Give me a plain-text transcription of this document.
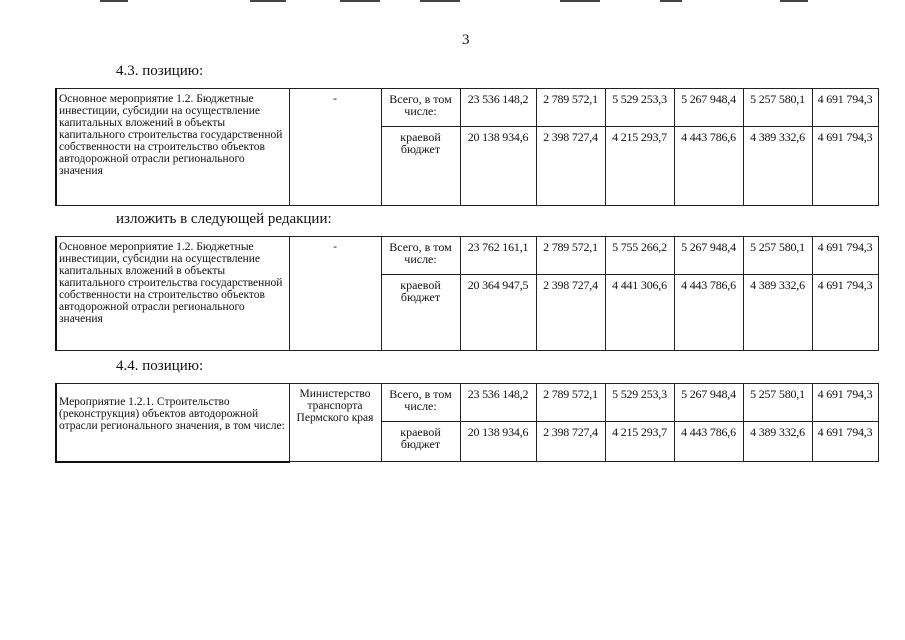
3
4.3. позицию:
Основное мероприятие 1.2. Бюджетные инвестиции, субсидии на осуществление капитальных вложений в объекты капитального строительства государственной собственности на строительство объектов автодорожной отрасли регионального значения	-	Всего, в том числе:	23 536 148,2	2 789 572,1	5 529 253,3	5 267 948,4	5 257 580,1	4 691 794,3
		краевой бюджет	20 138 934,6	2 398 727,4	4 215 293,7	4 443 786,6	4 389 332,6	4 691 794,3
изложить в следующей редакции:
Основное мероприятие 1.2. Бюджетные инвестиции, субсидии на осуществление капитальных вложений в объекты капитального строительства государственной собственности на строительство объектов автодорожной отрасли регионального значения	-	Всего, в том числе:	23 762 161,1	2 789 572,1	5 755 266,2	5 267 948,4	5 257 580,1	4 691 794,3
		краевой бюджет	20 364 947,5	2 398 727,4	4 441 306,6	4 443 786,6	4 389 332,6	4 691 794,3
4.4. позицию:
Мероприятие 1.2.1. Строительство (реконструкция) объектов автодорожной отрасли регионального значения, в том числе:	Министерство транспорта Пермского края	Всего, в том числе:	23 536 148,2	2 789 572,1	5 529 253,3	5 267 948,4	5 257 580,1	4 691 794,3
		краевой бюджет	20 138 934,6	2 398 727,4	4 215 293,7	4 443 786,6	4 389 332,6	4 691 794,3
